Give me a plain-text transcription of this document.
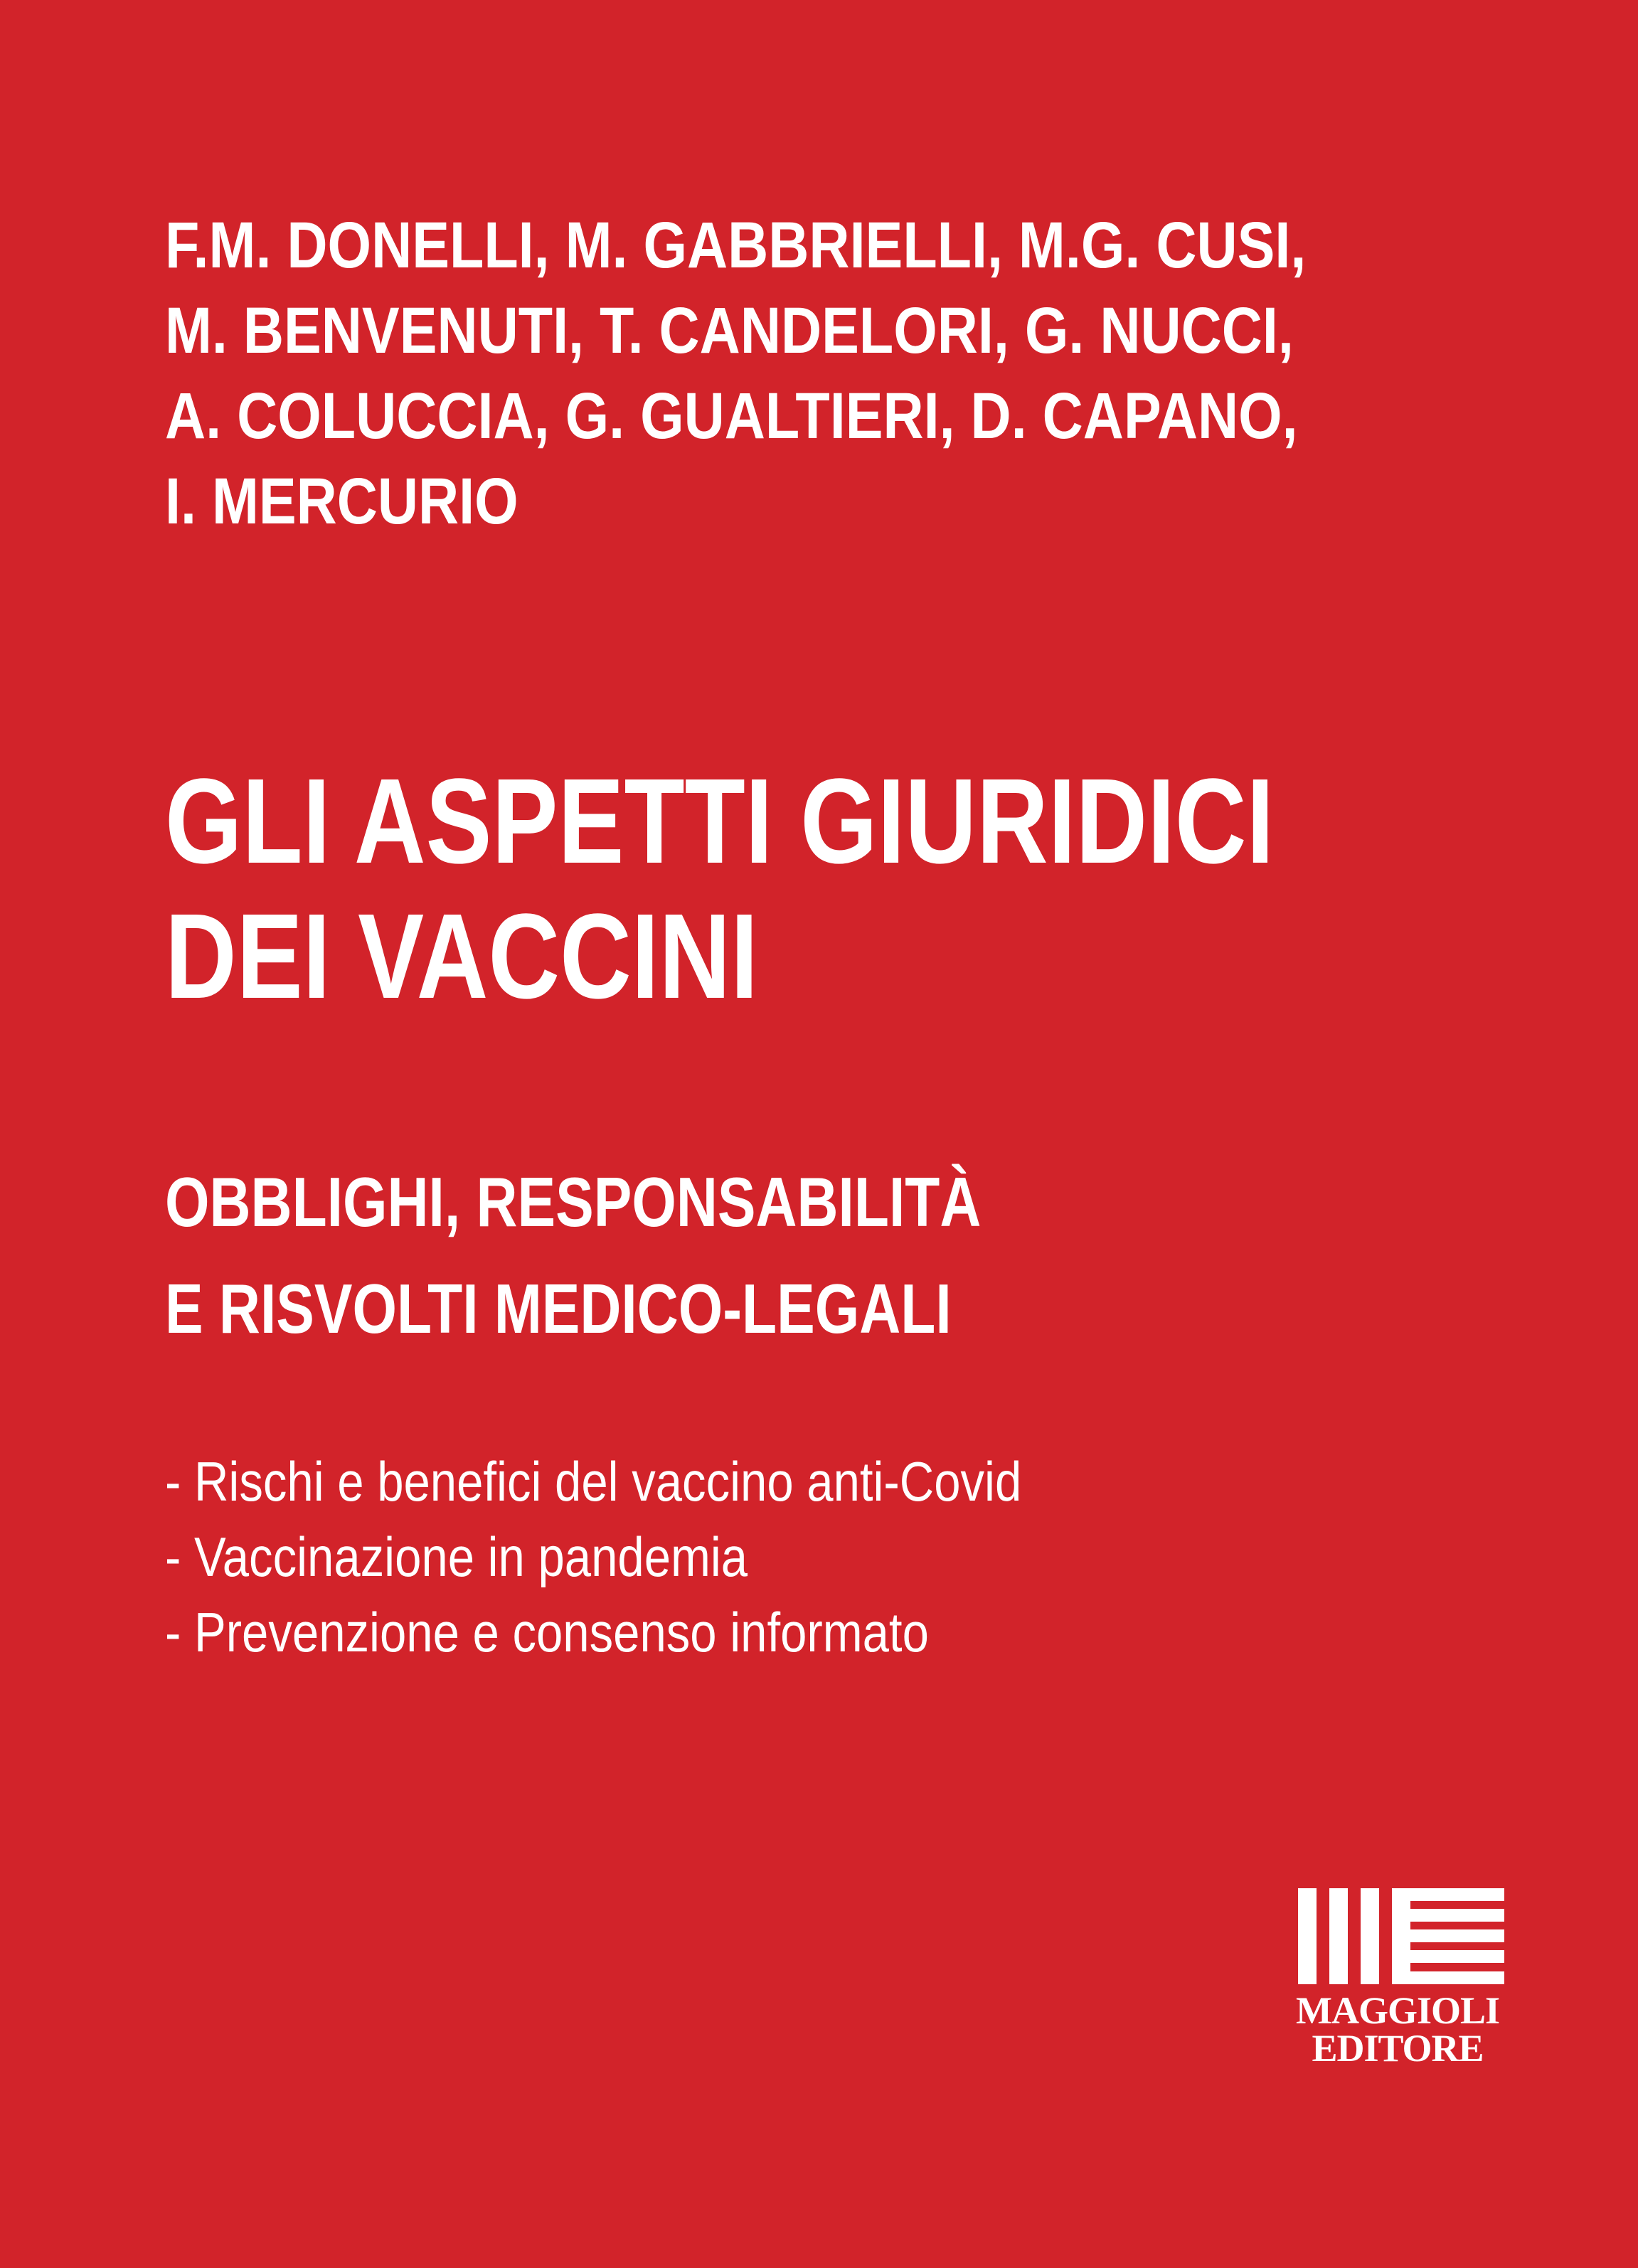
F.M. DONELLI, M. GABBRIELLI, M.G. CUSI,
M. BENVENUTI, T. CANDELORI, G. NUCCI,
A. COLUCCIA, G. GUALTIERI, D. CAPANO,
I. MERCURIO
GLI ASPETTI GIURIDICI
DEI VACCINI
OBBLIGHI, RESPONSABILITÀ
E RISVOLTI MEDICO-LEGALI
- Rischi e benefici del vaccino anti-Covid
- Vaccinazione in pandemia
- Prevenzione e consenso informato
MAGGIOLI
EDITORE
